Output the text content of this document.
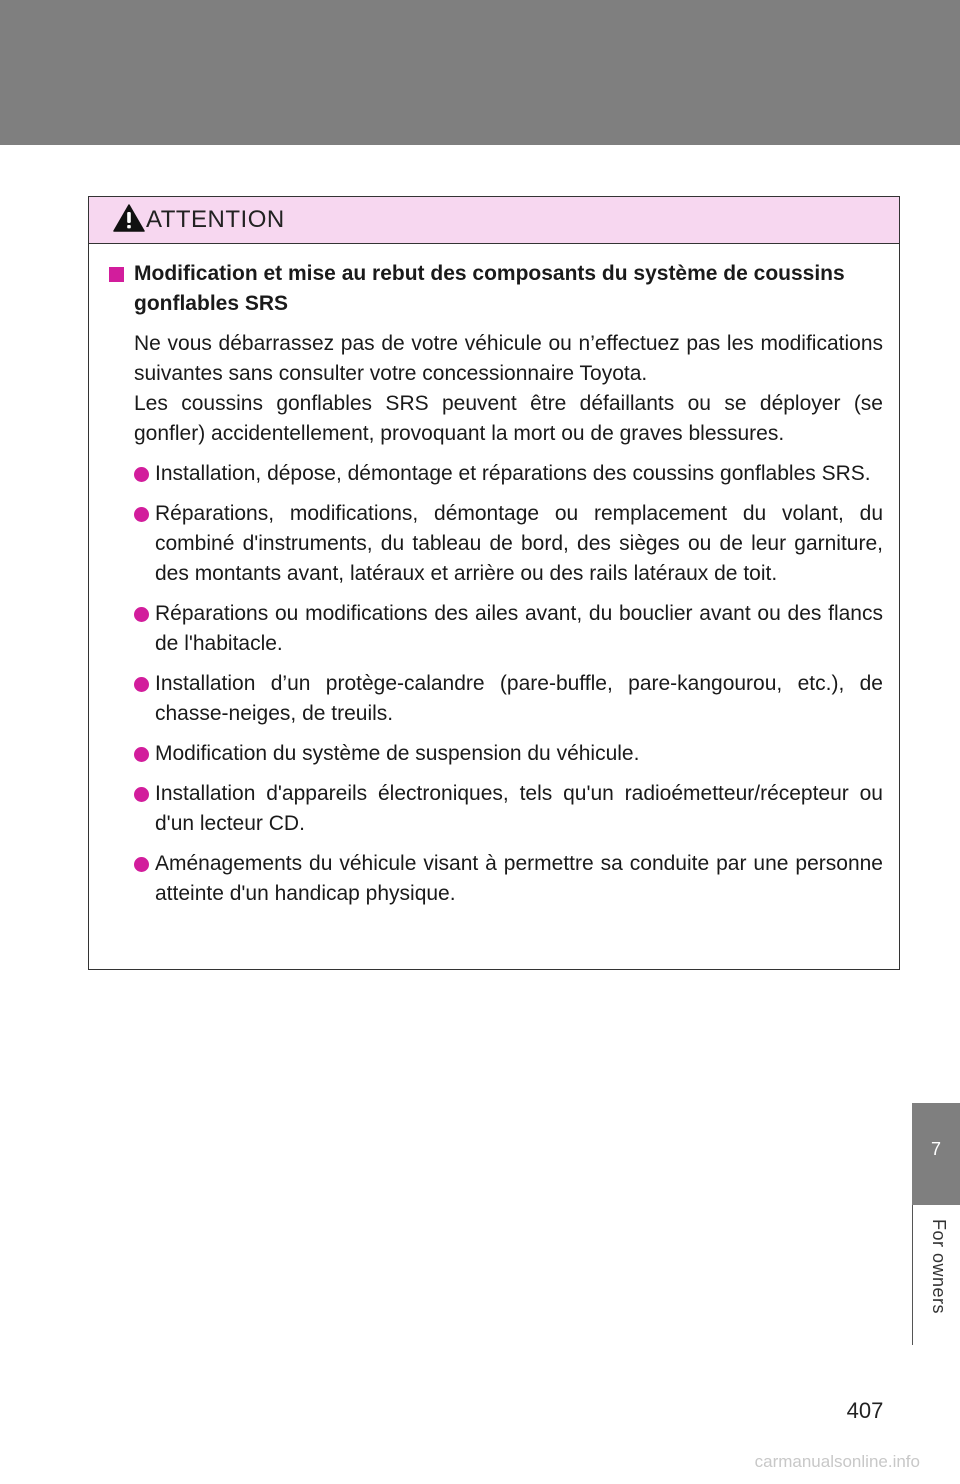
ATTENTION

Modification et mise au rebut des composants du système de coussins gonflables SRS

Ne vous débarrassez pas de votre véhicule ou n’effectuez pas les modifications suivantes sans consulter votre concessionnaire Toyota.

Les coussins gonflables SRS peuvent être défaillants ou se déployer (se gonfler) accidentellement, provoquant la mort ou de graves blessures.

Installation, dépose, démontage et réparations des coussins gonflables SRS.

Réparations, modifications, démontage ou remplacement du volant, du combiné d'instruments, du tableau de bord, des sièges ou de leur garniture, des montants avant, latéraux et arrière ou des rails latéraux de toit.

Réparations ou modifications des ailes avant, du bouclier avant ou des flancs de l'habitacle.

Installation d’un protège-calandre (pare-buffle, pare-kangourou, etc.), de chasse-neiges, de treuils.

Modification du système de suspension du véhicule.

Installation d'appareils électroniques, tels qu'un radioémetteur/récepteur ou d'un lecteur CD.

Aménagements du véhicule visant à permettre sa conduite par une personne atteinte d'un handicap physique.

7
For owners
407
carmanualsonline.info
